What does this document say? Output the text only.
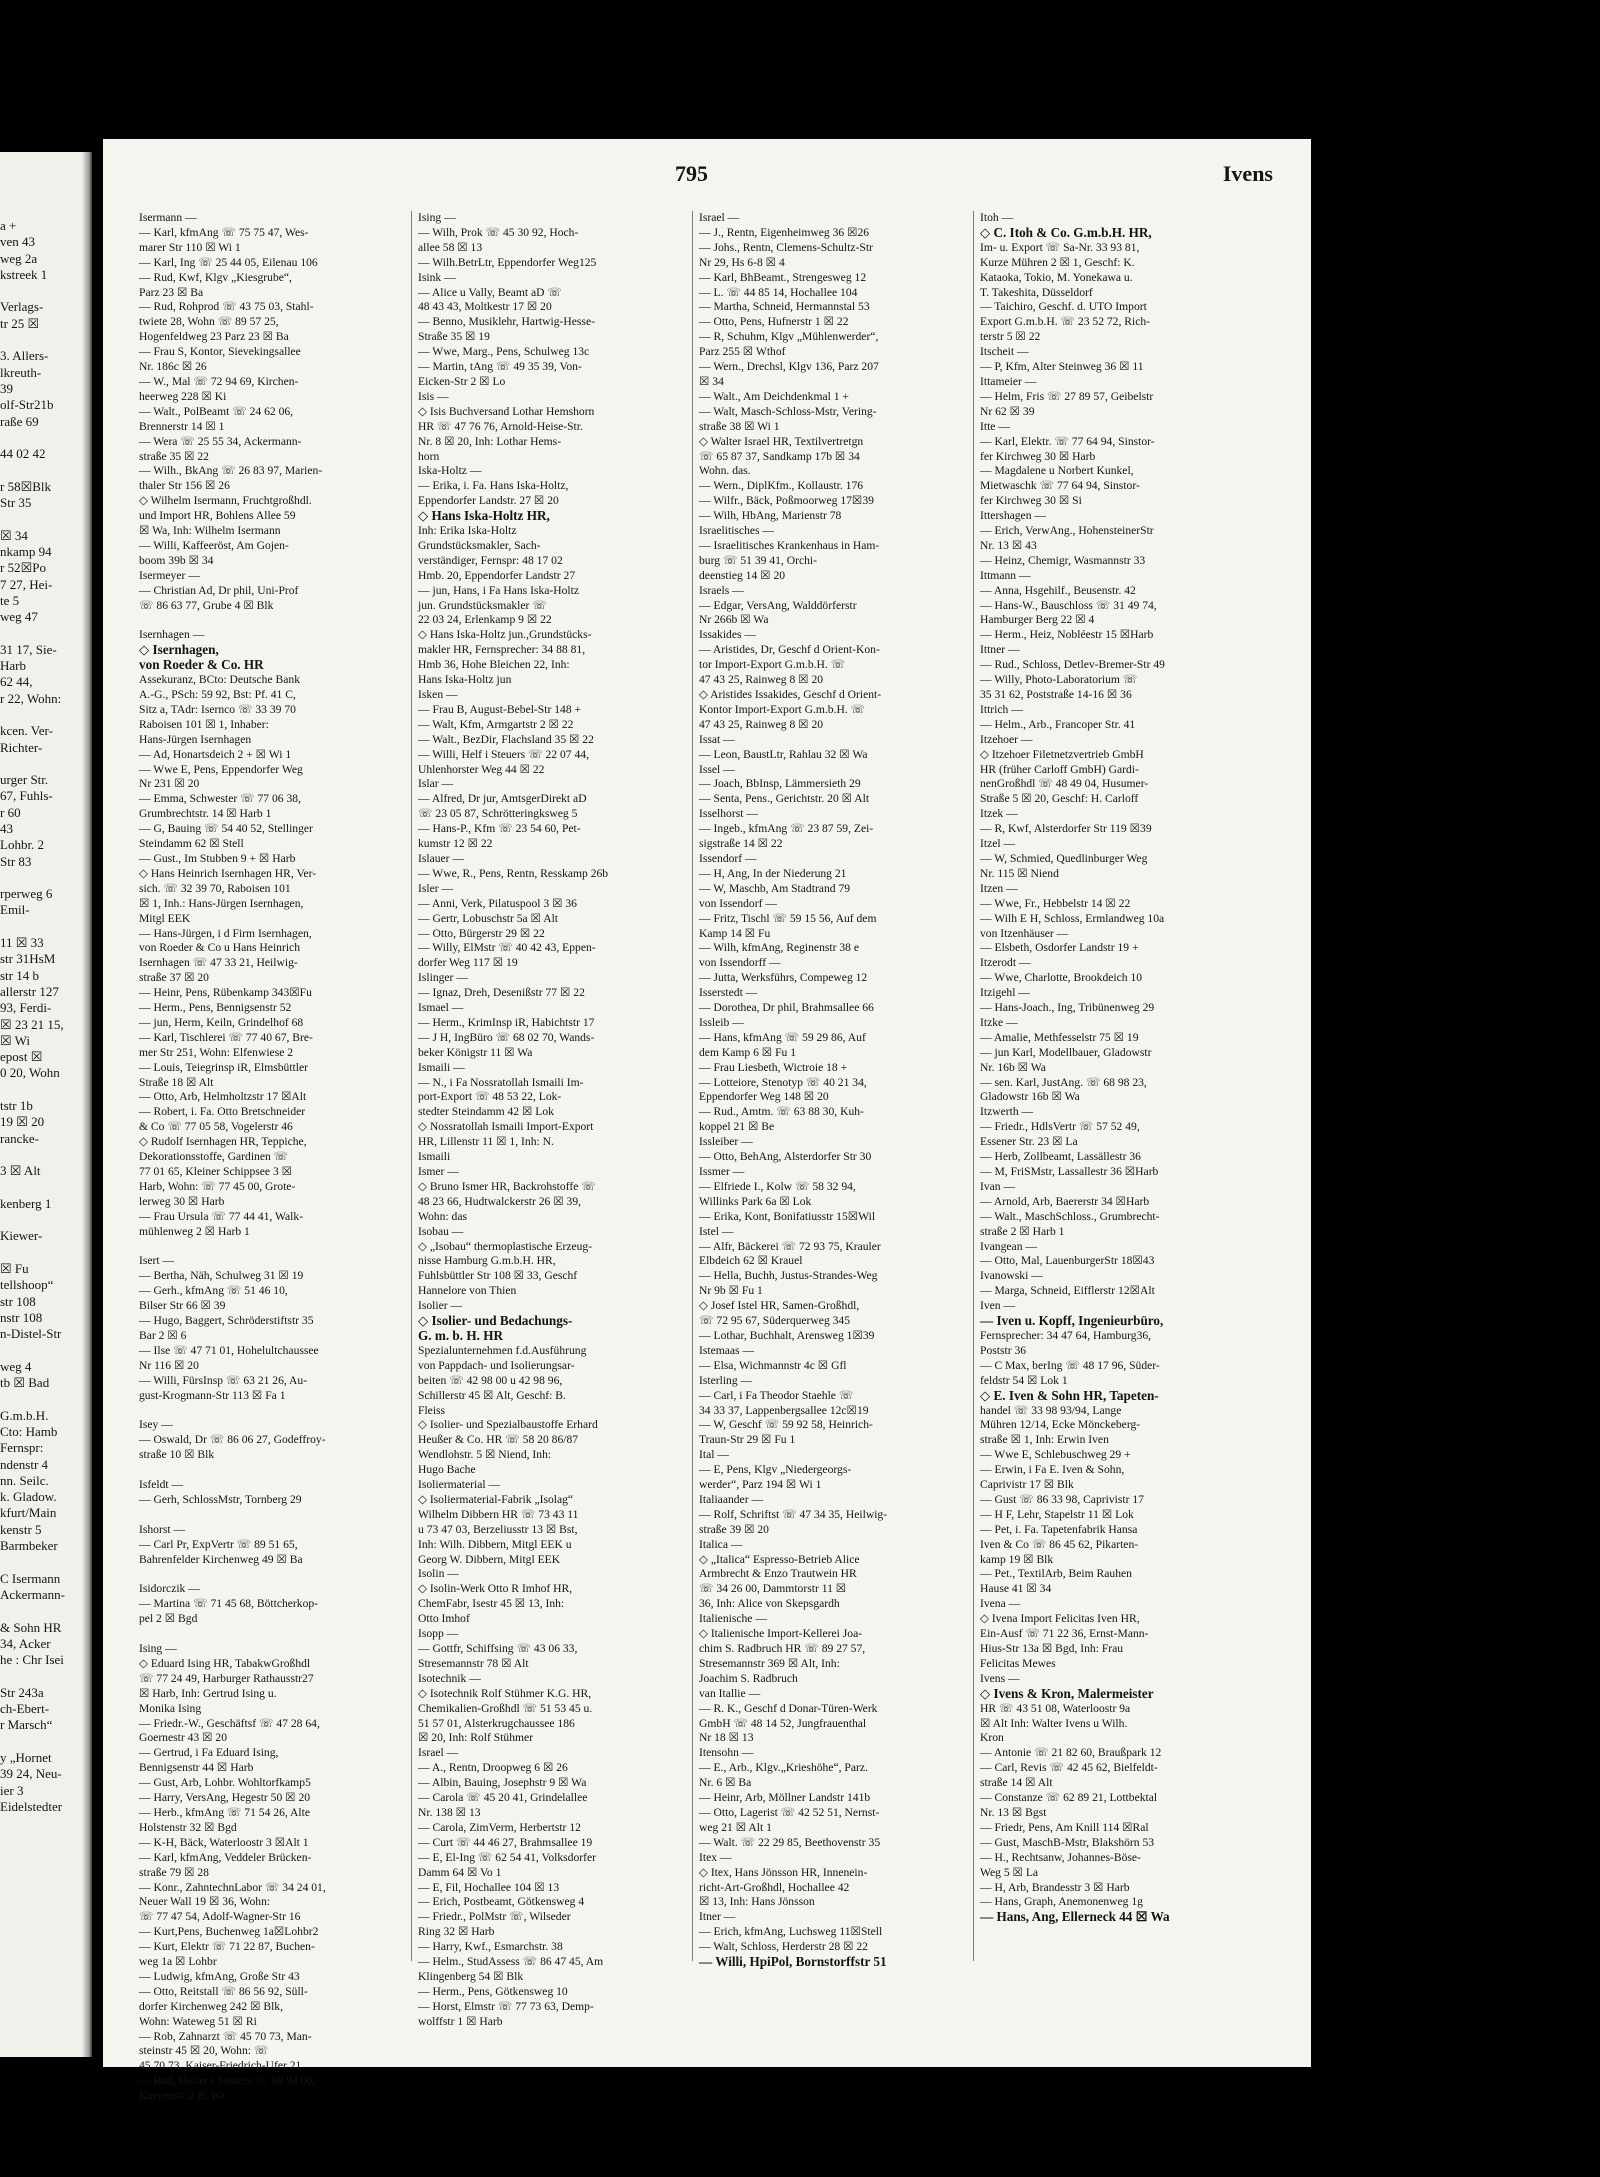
a +
ven 43
weg 2a
kstreek 1

Verlags-
tr 25 ☒

3. Allers-
lkreuth-
39
olf-Str21b
raße 69

44 02 42

r 58☒Blk
Str 35

☒ 34
nkamp 94
r 52☒Po
7 27, Hei-
te 5
weg 47

31 17, Sie-
Harb
62 44,
r 22, Wohn:

kcen. Ver-
Richter-

urger Str.
67, Fuhls-
r 60
43
Lohbr. 2
Str 83

rperweg 6
Emil-

11 ☒ 33
str 31HsM
str 14 b
allerstr 127
93, Ferdi-
☒ 23 21 15,
☒ Wi
epost ☒
0 20, Wohn

tstr 1b
19 ☒ 20
rancke-

3 ☒ Alt

kenberg 1

Kiewer-

☒ Fu
tellshoop“
str 108
nstr 108
n-Distel-Str

weg 4
tb ☒ Bad

G.m.b.H.
Cto: Hamb
Fernspr:
ndenstr 4
nn. Seilc.
k. Gladow.
kfurt/Main
kenstr 5
Barmbeker

C Isermann
Ackermann-

& Sohn HR
34, Acker
he : Chr Isei

Str 243a
ch-Ebert-
r Marsch“

y „Hornet
39 24, Neu-
ier 3
Eidelstedter
795	Ivens
Isermann —
— Karl, kfmAng ☏ 75 75 47, Wes-
marer Str 110 ☒ Wi 1
— Karl, Ing ☏ 25 44 05, Eilenau 106
— Rud, Kwf, Klgv „Kiesgrube“,
Parz 23 ☒ Ba
— Rud, Rohprod ☏ 43 75 03, Stahl-
twiete 28, Wohn ☏ 89 57 25,
Hogenfeldweg 23 Parz 23 ☒ Ba
— Frau S, Kontor, Sievekingsallee
Nr. 186c ☒ 26
— W., Mal ☏ 72 94 69, Kirchen-
heerweg 228 ☒ Ki
— Walt., PolBeamt ☏ 24 62 06,
Brennerstr 14 ☒ 1
— Wera ☏ 25 55 34, Ackermann-
straße 35 ☒ 22
— Wilh., BkAng ☏ 26 83 97, Marien-
thaler Str 156 ☒ 26
◇ Wilhelm Isermann, Fruchtgroßhdl.
und Import HR, Bohlens Allee 59
☒ Wa, Inh: Wilhelm Isermann
— Willi, Kaffeeröst, Am Gojen-
boom 39b ☒ 34
Isermeyer —
— Christian Ad, Dr phil, Uni-Prof
☏ 86 63 77, Grube 4 ☒ Blk

Isernhagen —
◇ Isernhagen,
von Roeder & Co. HR
Assekuranz, BCto: Deutsche Bank
A.-G., PSch: 59 92, Bst: Pf. 41 C,
Sitz a, TAdr: Isernco ☏ 33 39 70
Raboisen 101 ☒ 1, Inhaber:
Hans-Jürgen Isernhagen
— Ad, Honartsdeich 2 + ☒ Wi 1
— Wwe E, Pens, Eppendorfer Weg
Nr 231 ☒ 20
— Emma, Schwester ☏ 77 06 38,
Grumbrechtstr. 14 ☒ Harb 1
— G, Bauing ☏ 54 40 52, Stellinger
Steindamm 62 ☒ Stell
— Gust., Im Stubben 9 + ☒ Harb
◇ Hans Heinrich Isernhagen HR, Ver-
sich. ☏ 32 39 70, Raboisen 101
☒ 1, Inh.: Hans-Jürgen Isernhagen,
Mitgl EEK
— Hans-Jürgen, i d Firm Isernhagen,
von Roeder & Co u Hans Heinrich
Isernhagen ☏ 47 33 21, Heilwig-
straße 37 ☒ 20
— Heinr, Pens, Rübenkamp 343☒Fu
— Herm., Pens, Bennigsenstr 52
— jun, Herm, Keiln, Grindelhof 68
— Karl, Tischlerei ☏ 77 40 67, Bre-
mer Str 251, Wohn: Elfenwiese 2
— Louis, Teiegrinsp iR, Elmsbüttler
Straße 18 ☒ Alt
— Otto, Arb, Helmholtzstr 17 ☒Alt
— Robert, i. Fa. Otto Bretschneider
& Co ☏ 77 05 58, Vogelerstr 46
◇ Rudolf Isernhagen HR, Teppiche,
Dekorationsstoffe, Gardinen ☏
77 01 65, Kleiner Schippsee 3 ☒
Harb, Wohn: ☏ 77 45 00, Grote-
lerweg 30 ☒ Harb
— Frau Ursula ☏ 77 44 41, Walk-
mühlenweg 2 ☒ Harb 1

Isert —
— Bertha, Näh, Schulweg 31 ☒ 19
— Gerh., kfmAng ☏ 51 46 10,
Bilser Str 66 ☒ 39
— Hugo, Baggert, Schröderstiftstr 35
Bar 2 ☒ 6
— Ilse ☏ 47 71 01, Hohelultchaussee
Nr 116 ☒ 20
— Willi, FürsInsp ☏ 63 21 26, Au-
gust-Krogmann-Str 113 ☒ Fa 1

Isey —
— Oswald, Dr ☏ 86 06 27, Godeffroy-
straße 10 ☒ Blk

Isfeldt —
— Gerh, SchlossMstr, Tornberg 29

Ishorst —
— Carl Pr, ExpVertr ☏ 89 51 65,
Bahrenfelder Kirchenweg 49 ☒ Ba

Isidorczik —
— Martina ☏ 71 45 68, Böttcherkop-
pel 2 ☒ Bgd

Ising —
◇ Eduard Ising HR, TabakwGroßhdl
☏ 77 24 49, Harburger Rathausstr27
☒ Harb, Inh: Gertrud Ising u.
Monika Ising
— Friedr.-W., Geschäftsf ☏ 47 28 64,
Goernestr 43 ☒ 20
— Gertrud, i Fa Eduard Ising,
Bennigsenstr 44 ☒ Harb
— Gust, Arb, Lohbr. Wohltorfkamp5
— Harry, VersAng, Hegestr 50 ☒ 20
— Herb., kfmAng ☏ 71 54 26, Alte
Holstenstr 32 ☒ Bgd
— K-H, Bäck, Waterloostr 3 ☒Alt 1
— Karl, kfmAng, Veddeler Brücken-
straße 79 ☒ 28
— Konr., ZahntechnLabor ☏ 34 24 01,
Neuer Wall 19 ☒ 36, Wohn:
☏ 77 47 54, Adolf-Wagner-Str 16
— Kurt,Pens, Buchenweg 1a☒Lohbr2
— Kurt, Elektr ☏ 71 22 87, Buchen-
weg 1a ☒ Lohbr
— Ludwig, kfmAng, Große Str 43
— Otto, Reitstall ☏ 86 56 92, Süll-
dorfer Kirchenweg 242 ☒ Blk,
Wohn: Wateweg 51 ☒ Ri
— Rob, Zahnarzt ☏ 45 70 73, Man-
steinstr 45 ☒ 20, Wohn: ☏
45 70 73, Kaiser-Friedrich-Ufer 21
— Rud, Helfer i Steuers ☏ 69 94 00,
Kurvenstr 2 ☒ Wa
Ising —
— Wilh, Prok ☏ 45 30 92, Hoch-
allee 58 ☒ 13
— Wilh.BetrLtr, Eppendorfer Weg125
Isink —
— Alice u Vally, Beamt aD ☏
48 43 43, Moltkestr 17 ☒ 20
— Benno, Musiklehr, Hartwig-Hesse-
Straße 35 ☒ 19
— Wwe, Marg., Pens, Schulweg 13c
— Martin, tAng ☏ 49 35 39, Von-
Eicken-Str 2 ☒ Lo
Isis —
◇ Isis Buchversand Lothar Hemshorn
HR ☏ 47 76 76, Arnold-Heise-Str.
Nr. 8 ☒ 20, Inh: Lothar Hems-
horn
Iska-Holtz —
— Erika, i. Fa. Hans Iska-Holtz,
Eppendorfer Landstr. 27 ☒ 20
◇ Hans Iska-Holtz HR,
Inh: Erika Iska-Holtz
Grundstücksmakler, Sach-
verständiger, Fernspr: 48 17 02
Hmb. 20, Eppendorfer Landstr 27
— jun, Hans, i Fa Hans Iska-Holtz
jun. Grundstücksmakler ☏
22 03 24, Erlenkamp 9 ☒ 22
◇ Hans Iska-Holtz jun.,Grundstücks-
makler HR, Fernsprecher: 34 88 81,
Hmb 36, Hohe Bleichen 22, Inh:
Hans Iska-Holtz jun
Isken —
— Frau B, August-Bebel-Str 148 +
— Walt, Kfm, Armgartstr 2 ☒ 22
— Walt., BezDir, Flachsland 35 ☒ 22
— Willi, Helf i Steuers ☏ 22 07 44,
Uhlenhorster Weg 44 ☒ 22
Islar —
— Alfred, Dr jur, AmtsgerDirekt aD
☏ 23 05 87, Schrötteringksweg 5
— Hans-P., Kfm ☏ 23 54 60, Pet-
kumstr 12 ☒ 22
Islauer —
— Wwe, R., Pens, Rentn, Resskamp 26b
Isler —
— Anni, Verk, Pilatuspool 3 ☒ 36
— Gertr, Lobuschstr 5a ☒ Alt
— Otto, Bürgerstr 29 ☒ 22
— Willy, ElMstr ☏ 40 42 43, Eppen-
dorfer Weg 117 ☒ 19
Islinger —
— Ignaz, Dreh, Desenißstr 77 ☒ 22
Ismael —
— Herm., KrimInsp iR, Habichtstr 17
— J H, IngBüro ☏ 68 02 70, Wands-
beker Königstr 11 ☒ Wa
Ismaili —
— N., i Fa Nossratollah Ismaili Im-
port-Export ☏ 48 53 22, Lok-
stedter Steindamm 42 ☒ Lok
◇ Nossratollah Ismaili Import-Export
HR, Lillenstr 11 ☒ 1, Inh: N.
Ismaili
Ismer —
◇ Bruno Ismer HR, Backrohstoffe ☏
48 23 66, Hudtwalckerstr 26 ☒ 39,
Wohn: das
Isobau —
◇ „Isobau“ thermoplastische Erzeug-
nisse Hamburg G.m.b.H. HR,
Fuhlsbüttler Str 108 ☒ 33, Geschf
Hannelore von Thien
Isolier —
◇ Isolier- und Bedachungs-
G. m. b. H. HR
Spezialunternehmen f.d.Ausführung
von Pappdach- und Isolierungsar-
beiten ☏ 42 98 00 u 42 98 96,
Schillerstr 45 ☒ Alt, Geschf: B.
Fleiss
◇ Isolier- und Spezialbaustoffe Erhard
Heußer & Co. HR ☏ 58 20 86/87
Wendlohstr. 5 ☒ Niend, Inh:
Hugo Bache
Isoliermaterial —
◇ Isoliermaterial-Fabrik „Isolag“
Wilhelm Dibbern HR ☏ 73 43 11
u 73 47 03, Berzeliusstr 13 ☒ Bst,
Inh: Wilh. Dibbern, Mitgl EEK u
Georg W. Dibbern, Mitgl EEK
Isolin —
◇ Isolin-Werk Otto R Imhof HR,
ChemFabr, Isestr 45 ☒ 13, Inh:
Otto Imhof
Isopp —
— Gottfr, Schiffsing ☏ 43 06 33,
Stresemannstr 78 ☒ Alt
Isotechnik —
◇ Isotechnik Rolf Stühmer K.G. HR,
Chemikalien-Großhdl ☏ 51 53 45 u.
51 57 01, Alsterkrugchaussee 186
☒ 20, Inh: Rolf Stühmer
Israel —
— A., Rentn, Droopweg 6 ☒ 26
— Albin, Bauing, Josephstr 9 ☒ Wa
— Carola ☏ 45 20 41, Grindelallee
Nr. 138 ☒ 13
— Carola, ZimVerm, Herbertstr 12
— Curt ☏ 44 46 27, Brahmsallee 19
— E, El-Ing ☏ 62 54 41, Volksdorfer
Damm 64 ☒ Vo 1
— E, Fil, Hochallee 104 ☒ 13
— Erich, Postbeamt, Götkensweg 4
— Friedr., PolMstr ☏, Wilseder
Ring 32 ☒ Harb
— Harry, Kwf., Esmarchstr. 38
— Helm., StudAssess ☏ 86 47 45, Am
Klingenberg 54 ☒ Blk
— Herm., Pens, Götkensweg 10
— Horst, Elmstr ☏ 77 73 63, Demp-
wolffstr 1 ☒ Harb
Israel —
— J., Rentn, Eigenheimweg 36 ☒26
— Johs., Rentn, Clemens-Schultz-Str
Nr 29, Hs 6-8 ☒ 4
— Karl, BhBeamt., Strengesweg 12
— L. ☏ 44 85 14, Hochallee 104
— Martha, Schneid, Hermannstal 53
— Otto, Pens, Hufnerstr 1 ☒ 22
— R, Schuhm, Klgv „Mühlenwerder“,
Parz 255 ☒ Wthof
— Wern., Drechsl, Klgv 136, Parz 207
☒ 34
— Walt., Am Deichdenkmal 1 +
— Walt, Masch-Schloss-Mstr, Vering-
straße 38 ☒ Wi 1
◇ Walter Israel HR, Textilvertretgn
☏ 65 87 37, Sandkamp 17b ☒ 34
Wohn. das.
— Wern., DiplKfm., Kollaustr. 176
— Wilfr., Bäck, Poßmoorweg 17☒39
— Wilh, HbAng, Marienstr 78
Israelitisches —
— Israelitisches Krankenhaus in Ham-
burg ☏ 51 39 41, Orchi-
deenstieg 14 ☒ 20
Israels —
— Edgar, VersAng, Walddörferstr
Nr 266b ☒ Wa
Issakides —
— Aristides, Dr, Geschf d Orient-Kon-
tor Import-Export G.m.b.H. ☏
47 43 25, Rainweg 8 ☒ 20
◇ Aristides Issakides, Geschf d Orient-
Kontor Import-Export G.m.b.H. ☏
47 43 25, Rainweg 8 ☒ 20
Issat —
— Leon, BaustLtr, Rahlau 32 ☒ Wa
Issel —
— Joach, BbInsp, Lämmersieth 29
— Senta, Pens., Gerichtstr. 20 ☒ Alt
Isselhorst —
— Ingeb., kfmAng ☏ 23 87 59, Zei-
sigstraße 14 ☒ 22
Issendorf —
— H, Ang, In der Niederung 21
— W, Maschb, Am Stadtrand 79
von Issendorf —
— Fritz, Tischl ☏ 59 15 56, Auf dem
Kamp 14 ☒ Fu
— Wilh, kfmAng, Reginenstr 38 e
von Issendorff —
— Jutta, Werksführs, Compeweg 12
Isserstedt —
— Dorothea, Dr phil, Brahmsallee 66
Issleib —
— Hans, kfmAng ☏ 59 29 86, Auf
dem Kamp 6 ☒ Fu 1
— Frau Liesbeth, Wictroie 18 +
— Lotteiore, Stenotyp ☏ 40 21 34,
Eppendorfer Weg 148 ☒ 20
— Rud., Amtm. ☏ 63 88 30, Kuh-
koppel 21 ☒ Be
Issleiber —
— Otto, BehAng, Alsterdorfer Str 30
Issmer —
— Elfriede I., Kolw ☏ 58 32 94,
Willinks Park 6a ☒ Lok
— Erika, Kont, Bonifatiusstr 15☒Wil
Istel —
— Alfr, Bäckerei ☏ 72 93 75, Krauler
Elbdeich 62 ☒ Krauel
— Hella, Buchh, Justus-Strandes-Weg
Nr 9b ☒ Fu 1
◇ Josef Istel HR, Samen-Großhdl,
☏ 72 95 67, Süderquerweg 345
— Lothar, Buchhalt, Arensweg 1☒39
Istemaas —
— Elsa, Wichmannstr 4c ☒ Gfl
Isterling —
— Carl, i Fa Theodor Staehle ☏
34 33 37, Lappenbergsallee 12c☒19
— W, Geschf ☏ 59 92 58, Heinrich-
Traun-Str 29 ☒ Fu 1
Ital —
— E, Pens, Klgv „Niedergeorgs-
werder“, Parz 194 ☒ Wi 1
Italiaander —
— Rolf, Schriftst ☏ 47 34 35, Heilwig-
straße 39 ☒ 20
Italica —
◇ „Italica“ Espresso-Betrieb Alice
Armbrecht & Enzo Trautwein HR
☏ 34 26 00, Dammtorstr 11 ☒
36, Inh: Alice von Skepsgardh
Italienische —
◇ Italienische Import-Kellerei Joa-
chim S. Radbruch HR ☏ 89 27 57,
Stresemannstr 369 ☒ Alt, Inh:
Joachim S. Radbruch
van Itallie —
— R. K., Geschf d Donar-Türen-Werk
GmbH ☏ 48 14 52, Jungfrauenthal
Nr 18 ☒ 13
Itensohn —
— E., Arb., Klgv.„Krieshöhe“, Parz.
Nr. 6 ☒ Ba
— Heinr, Arb, Möllner Landstr 141b
— Otto, Lagerist ☏ 42 52 51, Nernst-
weg 21 ☒ Alt 1
— Walt. ☏ 22 29 85, Beethovenstr 35
Itex —
◇ Itex, Hans Jönsson HR, Innenein-
richt-Art-Großhdl, Hochallee 42
☒ 13, Inh: Hans Jönsson
Itner —
— Erich, kfmAng, Luchsweg 11☒Stell
— Walt, Schloss, Herderstr 28 ☒ 22
— Willi, HpiPol, Bornstorffstr 51
Itoh —
◇ C. Itoh & Co. G.m.b.H. HR,
Im- u. Export ☏ Sa-Nr. 33 93 81,
Kurze Mühren 2 ☒ 1, Geschf: K.
Kataoka, Tokio, M. Yonekawa u.
T. Takeshita, Düsseldorf
— Taichiro, Geschf. d. UTO Import
Export G.m.b.H. ☏ 23 52 72, Rich-
terstr 5 ☒ 22
Itscheit —
— P, Kfm, Alter Steinweg 36 ☒ 11
Ittameier —
— Helm, Fris ☏ 27 89 57, Geibelstr
Nr 62 ☒ 39
Itte —
— Karl, Elektr. ☏ 77 64 94, Sinstor-
fer Kirchweg 30 ☒ Harb
— Magdalene u Norbert Kunkel,
Mietwaschk ☏ 77 64 94, Sinstor-
fer Kirchweg 30 ☒ Si
Ittershagen —
— Erich, VerwAng., HohensteinerStr
Nr. 13 ☒ 43
— Heinz, Chemigr, Wasmannstr 33
Ittmann —
— Anna, Hsgehilf., Beusenstr. 42
— Hans-W., Bauschloss ☏ 31 49 74,
Hamburger Berg 22 ☒ 4
— Herm., Heiz, Nobléestr 15 ☒Harb
Ittner —
— Rud., Schloss, Detlev-Bremer-Str 49
— Willy, Photo-Laboratorium ☏
35 31 62, Poststraße 14-16 ☒ 36
Ittrich —
— Helm., Arb., Francoper Str. 41
Itzehoer —
◇ Itzehoer Filetnetzvertrieb GmbH
HR (früher Carloff GmbH) Gardi-
nenGroßhdl ☏ 48 49 04, Husumer-
Straße 5 ☒ 20, Geschf: H. Carloff
Itzek —
— R, Kwf, Alsterdorfer Str 119 ☒39
Itzel —
— W, Schmied, Quedlinburger Weg
Nr. 115 ☒ Niend
Itzen —
— Wwe, Fr., Hebbelstr 14 ☒ 22
— Wilh E H, Schloss, Ermlandweg 10a
von Itzenhäuser —
— Elsbeth, Osdorfer Landstr 19 +
Itzerodt —
— Wwe, Charlotte, Brookdeich 10
Itzigehl —
— Hans-Joach., Ing, Tribünenweg 29
Itzke —
— Amalie, Methfesselstr 75 ☒ 19
— jun Karl, Modellbauer, Gladowstr
Nr. 16b ☒ Wa
— sen. Karl, JustAng. ☏ 68 98 23,
Gladowstr 16b ☒ Wa
Itzwerth —
— Friedr., HdlsVertr ☏ 57 52 49,
Essener Str. 23 ☒ La
— Herb, Zollbeamt, Lassällestr 36
— M, FriSMstr, Lassallestr 36 ☒Harb
Ivan —
— Arnold, Arb, Baererstr 34 ☒Harb
— Walt., MaschSchloss., Grumbrecht-
straße 2 ☒ Harb 1
Ivangean —
— Otto, Mal, LauenburgerStr 18☒43
Ivanowski —
— Marga, Schneid, Eifflerstr 12☒Alt
Iven —
— Iven u. Kopff, Ingenieurbüro,
Fernsprecher: 34 47 64, Hamburg36,
Poststr 36
— C Max, berIng ☏ 48 17 96, Süder-
feldstr 54 ☒ Lok 1
◇ E. Iven & Sohn HR, Tapeten-
handel ☏ 33 98 93/94, Lange
Mühren 12/14, Ecke Mönckeberg-
straße ☒ 1, Inh: Erwin Iven
— Wwe E, Schlebuschweg 29 +
— Erwin, i Fa E. Iven & Sohn,
Caprivistr 17 ☒ Blk
— Gust ☏ 86 33 98, Caprivistr 17
— H F, Lehr, Stapelstr 11 ☒ Lok
— Pet, i. Fa. Tapetenfabrik Hansa
Iven & Co ☏ 86 45 62, Pikarten-
kamp 19 ☒ Blk
— Pet., TextilArb, Beim Rauhen
Hause 41 ☒ 34
Ivena —
◇ Ivena Import Felicitas Iven HR,
Ein-Ausf ☏ 71 22 36, Ernst-Mann-
Hius-Str 13a ☒ Bgd, Inh: Frau
Felicitas Mewes
Ivens —
◇ Ivens & Kron, Malermeister
HR ☏ 43 51 08, Waterloostr 9a
☒ Alt Inh: Walter Ivens u Wilh.
Kron
— Antonie ☏ 21 82 60, Braußpark 12
— Carl, Revis ☏ 42 45 62, Bielfeldt-
straße 14 ☒ Alt
— Constanze ☏ 62 89 21, Lottbektal
Nr. 13 ☒ Bgst
— Friedr, Pens, Am Knill 114 ☒Ral
— Gust, MaschB-Mstr, Blakshörn 53
— H., Rechtsanw, Johannes-Böse-
Weg 5 ☒ La
— H, Arb, Brandesstr 3 ☒ Harb
— Hans, Graph, Anemonenweg 1g
— Hans, Ang, Ellerneck 44 ☒ Wa
